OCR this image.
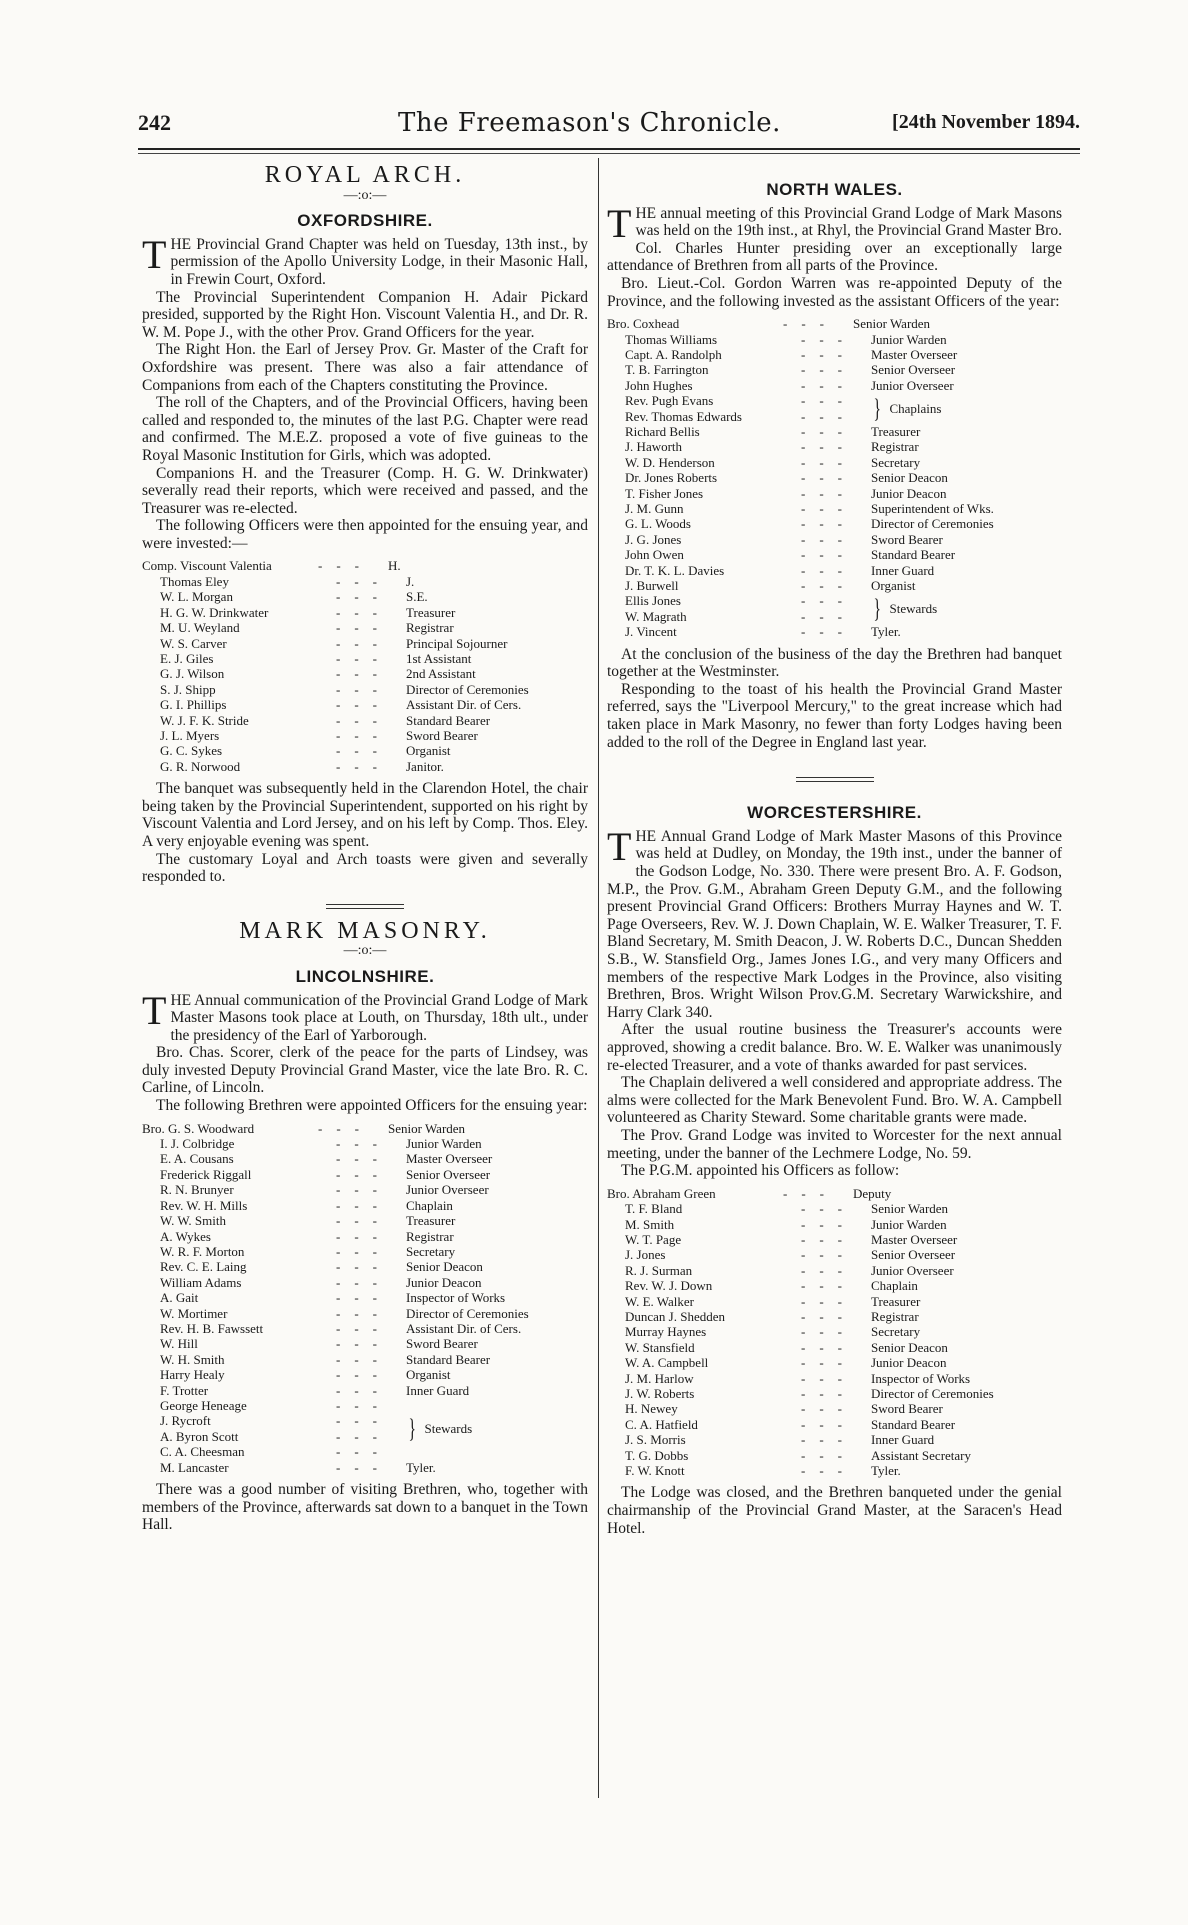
242	The Freemason's Chronicle.	[24th November 1894.
ROYAL ARCH.
—:o:—
OXFORDSHIRE.

THE Provincial Grand Chapter was held on Tuesday, 13th inst., by permission of the Apollo University Lodge, in their Masonic Hall, in Frewin Court, Oxford.

The Provincial Superintendent Companion H. Adair Pickard presided, supported by the Right Hon. Viscount Valentia H., and Dr. R. W. M. Pope J., with the other Prov. Grand Officers for the year.

The Right Hon. the Earl of Jersey Prov. Gr. Master of the Craft for Oxfordshire was present. There was also a fair attendance of Companions from each of the Chapters constituting the Province.

The roll of the Chapters, and of the Provincial Officers, having been called and responded to, the minutes of the last P.G. Chapter were read and confirmed. The M.E.Z. proposed a vote of five guineas to the Royal Masonic Institution for Girls, which was adopted.

Companions H. and the Treasurer (Comp. H. G. W. Drinkwater) severally read their reports, which were received and passed, and the Treasurer was re-elected.

The following Officers were then appointed for the ensuing year, and were invested:—

Comp. Viscount Valentia	---	H.
Thomas Eley	---	J.
W. L. Morgan	---	S.E.
H. G. W. Drinkwater	---	Treasurer
M. U. Weyland	---	Registrar
W. S. Carver	---	Principal Sojourner
E. J. Giles	---	1st Assistant
G. J. Wilson	---	2nd Assistant
S. J. Shipp	---	Director of Ceremonies
G. I. Phillips	---	Assistant Dir. of Cers.
W. J. F. K. Stride	---	Standard Bearer
J. L. Myers	---	Sword Bearer
G. C. Sykes	---	Organist
G. R. Norwood	---	Janitor.

The banquet was subsequently held in the Clarendon Hotel, the chair being taken by the Provincial Superintendent, supported on his right by Viscount Valentia and Lord Jersey, and on his left by Comp. Thos. Eley. A very enjoyable evening was spent.

The customary Loyal and Arch toasts were given and severally responded to.

MARK MASONRY.
—:o:—
LINCOLNSHIRE.

THE Annual communication of the Provincial Grand Lodge of Mark Master Masons took place at Louth, on Thursday, 18th ult., under the presidency of the Earl of Yarborough.

Bro. Chas. Scorer, clerk of the peace for the parts of Lindsey, was duly invested Deputy Provincial Grand Master, vice the late Bro. R. C. Carline, of Lincoln.

The following Brethren were appointed Officers for the ensuing year:

Bro. G. S. Woodward	---	Senior Warden
I. J. Colbridge	---	Junior Warden
E. A. Cousans	---	Master Overseer
Frederick Riggall	---	Senior Overseer
R. N. Brunyer	---	Junior Overseer
Rev. W. H. Mills	---	Chaplain
W. W. Smith	---	Treasurer
A. Wykes	---	Registrar
W. R. F. Morton	---	Secretary
Rev. C. E. Laing	---	Senior Deacon
William Adams	---	Junior Deacon
A. Gait	---	Inspector of Works
W. Mortimer	---	Director of Ceremonies
Rev. H. B. Fawssett	---	Assistant Dir. of Cers.
W. Hill	---	Sword Bearer
W. H. Smith	---	Standard Bearer
Harry Healy	---	Organist
F. Trotter	---	Inner Guard
George Heneage	---
J. Rycroft	---
A. Byron Scott	---
C. A. Cheesman	---
} Stewards
M. Lancaster	---	Tyler.

There was a good number of visiting Brethren, who, together with members of the Province, afterwards sat down to a banquet in the Town Hall.

NORTH WALES.

THE annual meeting of this Provincial Grand Lodge of Mark Masons was held on the 19th inst., at Rhyl, the Provincial Grand Master Bro. Col. Charles Hunter presiding over an exceptionally large attendance of Brethren from all parts of the Province.

Bro. Lieut.-Col. Gordon Warren was re-appointed Deputy of the Province, and the following invested as the assistant Officers of the year:

Bro. Coxhead	---	Senior Warden
Thomas Williams	---	Junior Warden
Capt. A. Randolph	---	Master Overseer
T. B. Farrington	---	Senior Overseer
John Hughes	---	Junior Overseer
Rev. Pugh Evans	---
Rev. Thomas Edwards	--- } Chaplains
Richard Bellis	---	Treasurer
J. Haworth	---	Registrar
W. D. Henderson	---	Secretary
Dr. Jones Roberts	---	Senior Deacon
T. Fisher Jones	---	Junior Deacon
J. M. Gunn	---	Superintendent of Wks.
G. L. Woods	---	Director of Ceremonies
J. G. Jones	---	Sword Bearer
John Owen	---	Standard Bearer
Dr. T. K. L. Davies	---	Inner Guard
J. Burwell	---	Organist
Ellis Jones	---
W. Magrath	--- } Stewards
J. Vincent	---	Tyler.

At the conclusion of the business of the day the Brethren had banquet together at the Westminster.

Responding to the toast of his health the Provincial Grand Master referred, says the "Liverpool Mercury," to the great increase which had taken place in Mark Masonry, no fewer than forty Lodges having been added to the roll of the Degree in England last year.

WORCESTERSHIRE.

THE Annual Grand Lodge of Mark Master Masons of this Province was held at Dudley, on Monday, the 19th inst., under the banner of the Godson Lodge, No. 330. There were present Bro. A. F. Godson, M.P., the Prov. G.M., Abraham Green Deputy G.M., and the following present Provincial Grand Officers: Brothers Murray Haynes and W. T. Page Overseers, Rev. W. J. Down Chaplain, W. E. Walker Treasurer, T. F. Bland Secretary, M. Smith Deacon, J. W. Roberts D.C., Duncan Shedden S.B., W. Stansfield Org., James Jones I.G., and very many Officers and members of the respective Mark Lodges in the Province, also visiting Brethren, Bros. Wright Wilson Prov.G.M. Secretary Warwickshire, and Harry Clark 340.

After the usual routine business the Treasurer's accounts were approved, showing a credit balance. Bro. W. E. Walker was unanimously re-elected Treasurer, and a vote of thanks awarded for past services.

The Chaplain delivered a well considered and appropriate address. The alms were collected for the Mark Benevolent Fund. Bro. W. A. Campbell volunteered as Charity Steward. Some charitable grants were made.

The Prov. Grand Lodge was invited to Worcester for the next annual meeting, under the banner of the Lechmere Lodge, No. 59.

The P.G.M. appointed his Officers as follow:

Bro. Abraham Green	---	Deputy
T. F. Bland	---	Senior Warden
M. Smith	---	Junior Warden
W. T. Page	---	Master Overseer
J. Jones	---	Senior Overseer
R. J. Surman	---	Junior Overseer
Rev. W. J. Down	---	Chaplain
W. E. Walker	---	Treasurer
Duncan J. Shedden	---	Registrar
Murray Haynes	---	Secretary
W. Stansfield	---	Senior Deacon
W. A. Campbell	---	Junior Deacon
J. M. Harlow	---	Inspector of Works
J. W. Roberts	---	Director of Ceremonies
H. Newey	---	Sword Bearer
C. A. Hatfield	---	Standard Bearer
J. S. Morris	---	Inner Guard
T. G. Dobbs	---	Assistant Secretary
F. W. Knott	---	Tyler.

The Lodge was closed, and the Brethren banqueted under the genial chairmanship of the Provincial Grand Master, at the Saracen's Head Hotel.
